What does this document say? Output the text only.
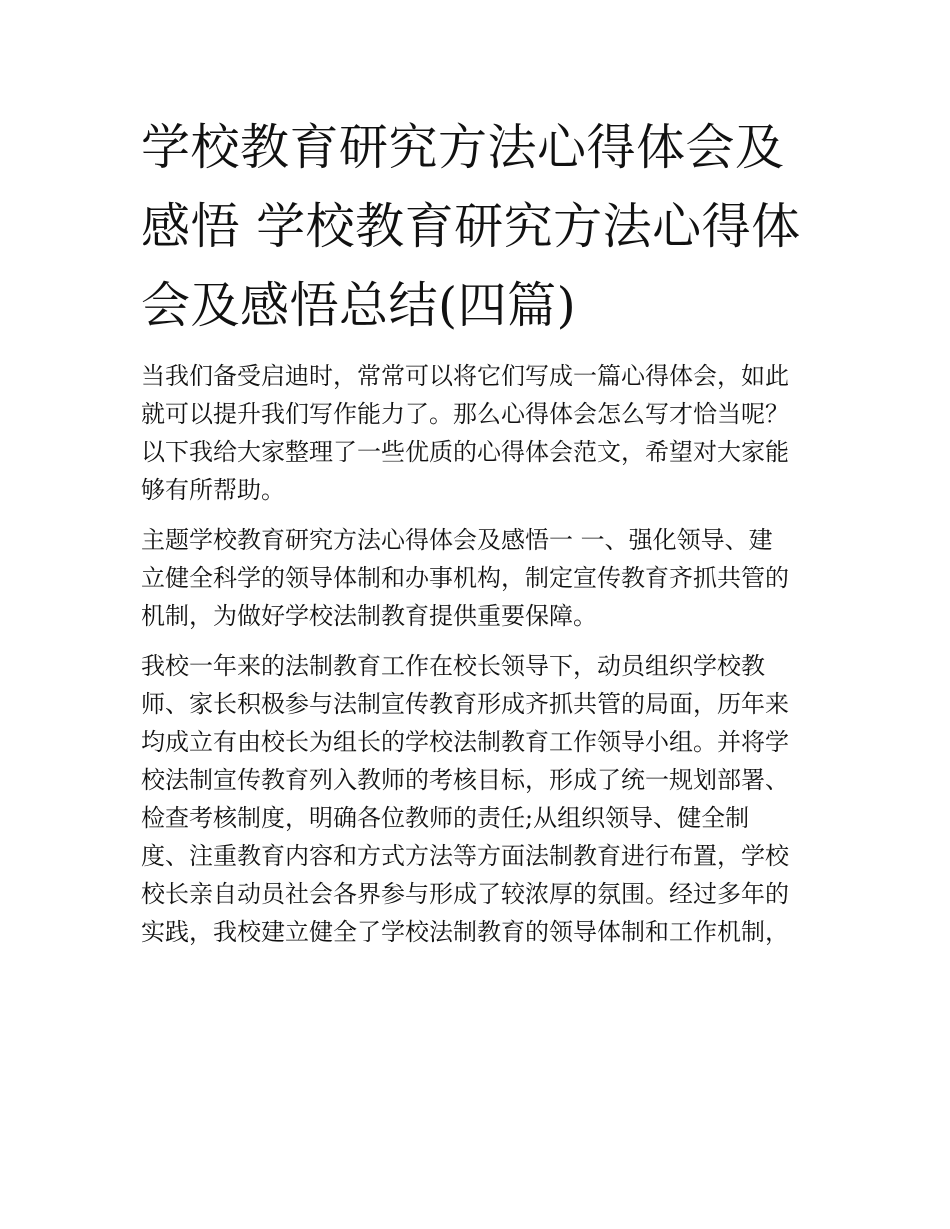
学校教育研究方法心得体会及
感悟 学校教育研究方法心得体
会及感悟总结(四篇)

当我们备受启迪时，常常可以将它们写成一篇心得体会，如此
就可以提升我们写作能力了。那么心得体会怎么写才恰当呢？
以下我给大家整理了一些优质的心得体会范文，希望对大家能
够有所帮助。

主题学校教育研究方法心得体会及感悟一 一、强化领导、建
立健全科学的领导体制和办事机构，制定宣传教育齐抓共管的
机制，为做好学校法制教育提供重要保障。

我校一年来的法制教育工作在校长领导下，动员组织学校教
师、家长积极参与法制宣传教育形成齐抓共管的局面，历年来
均成立有由校长为组长的学校法制教育工作领导小组。并将学
校法制宣传教育列入教师的考核目标，形成了统一规划部署、
检查考核制度，明确各位教师的责任;从组织领导、健全制
度、注重教育内容和方式方法等方面法制教育进行布置，学校
校长亲自动员社会各界参与形成了较浓厚的氛围。经过多年的
实践，我校建立健全了学校法制教育的领导体制和工作机制，
